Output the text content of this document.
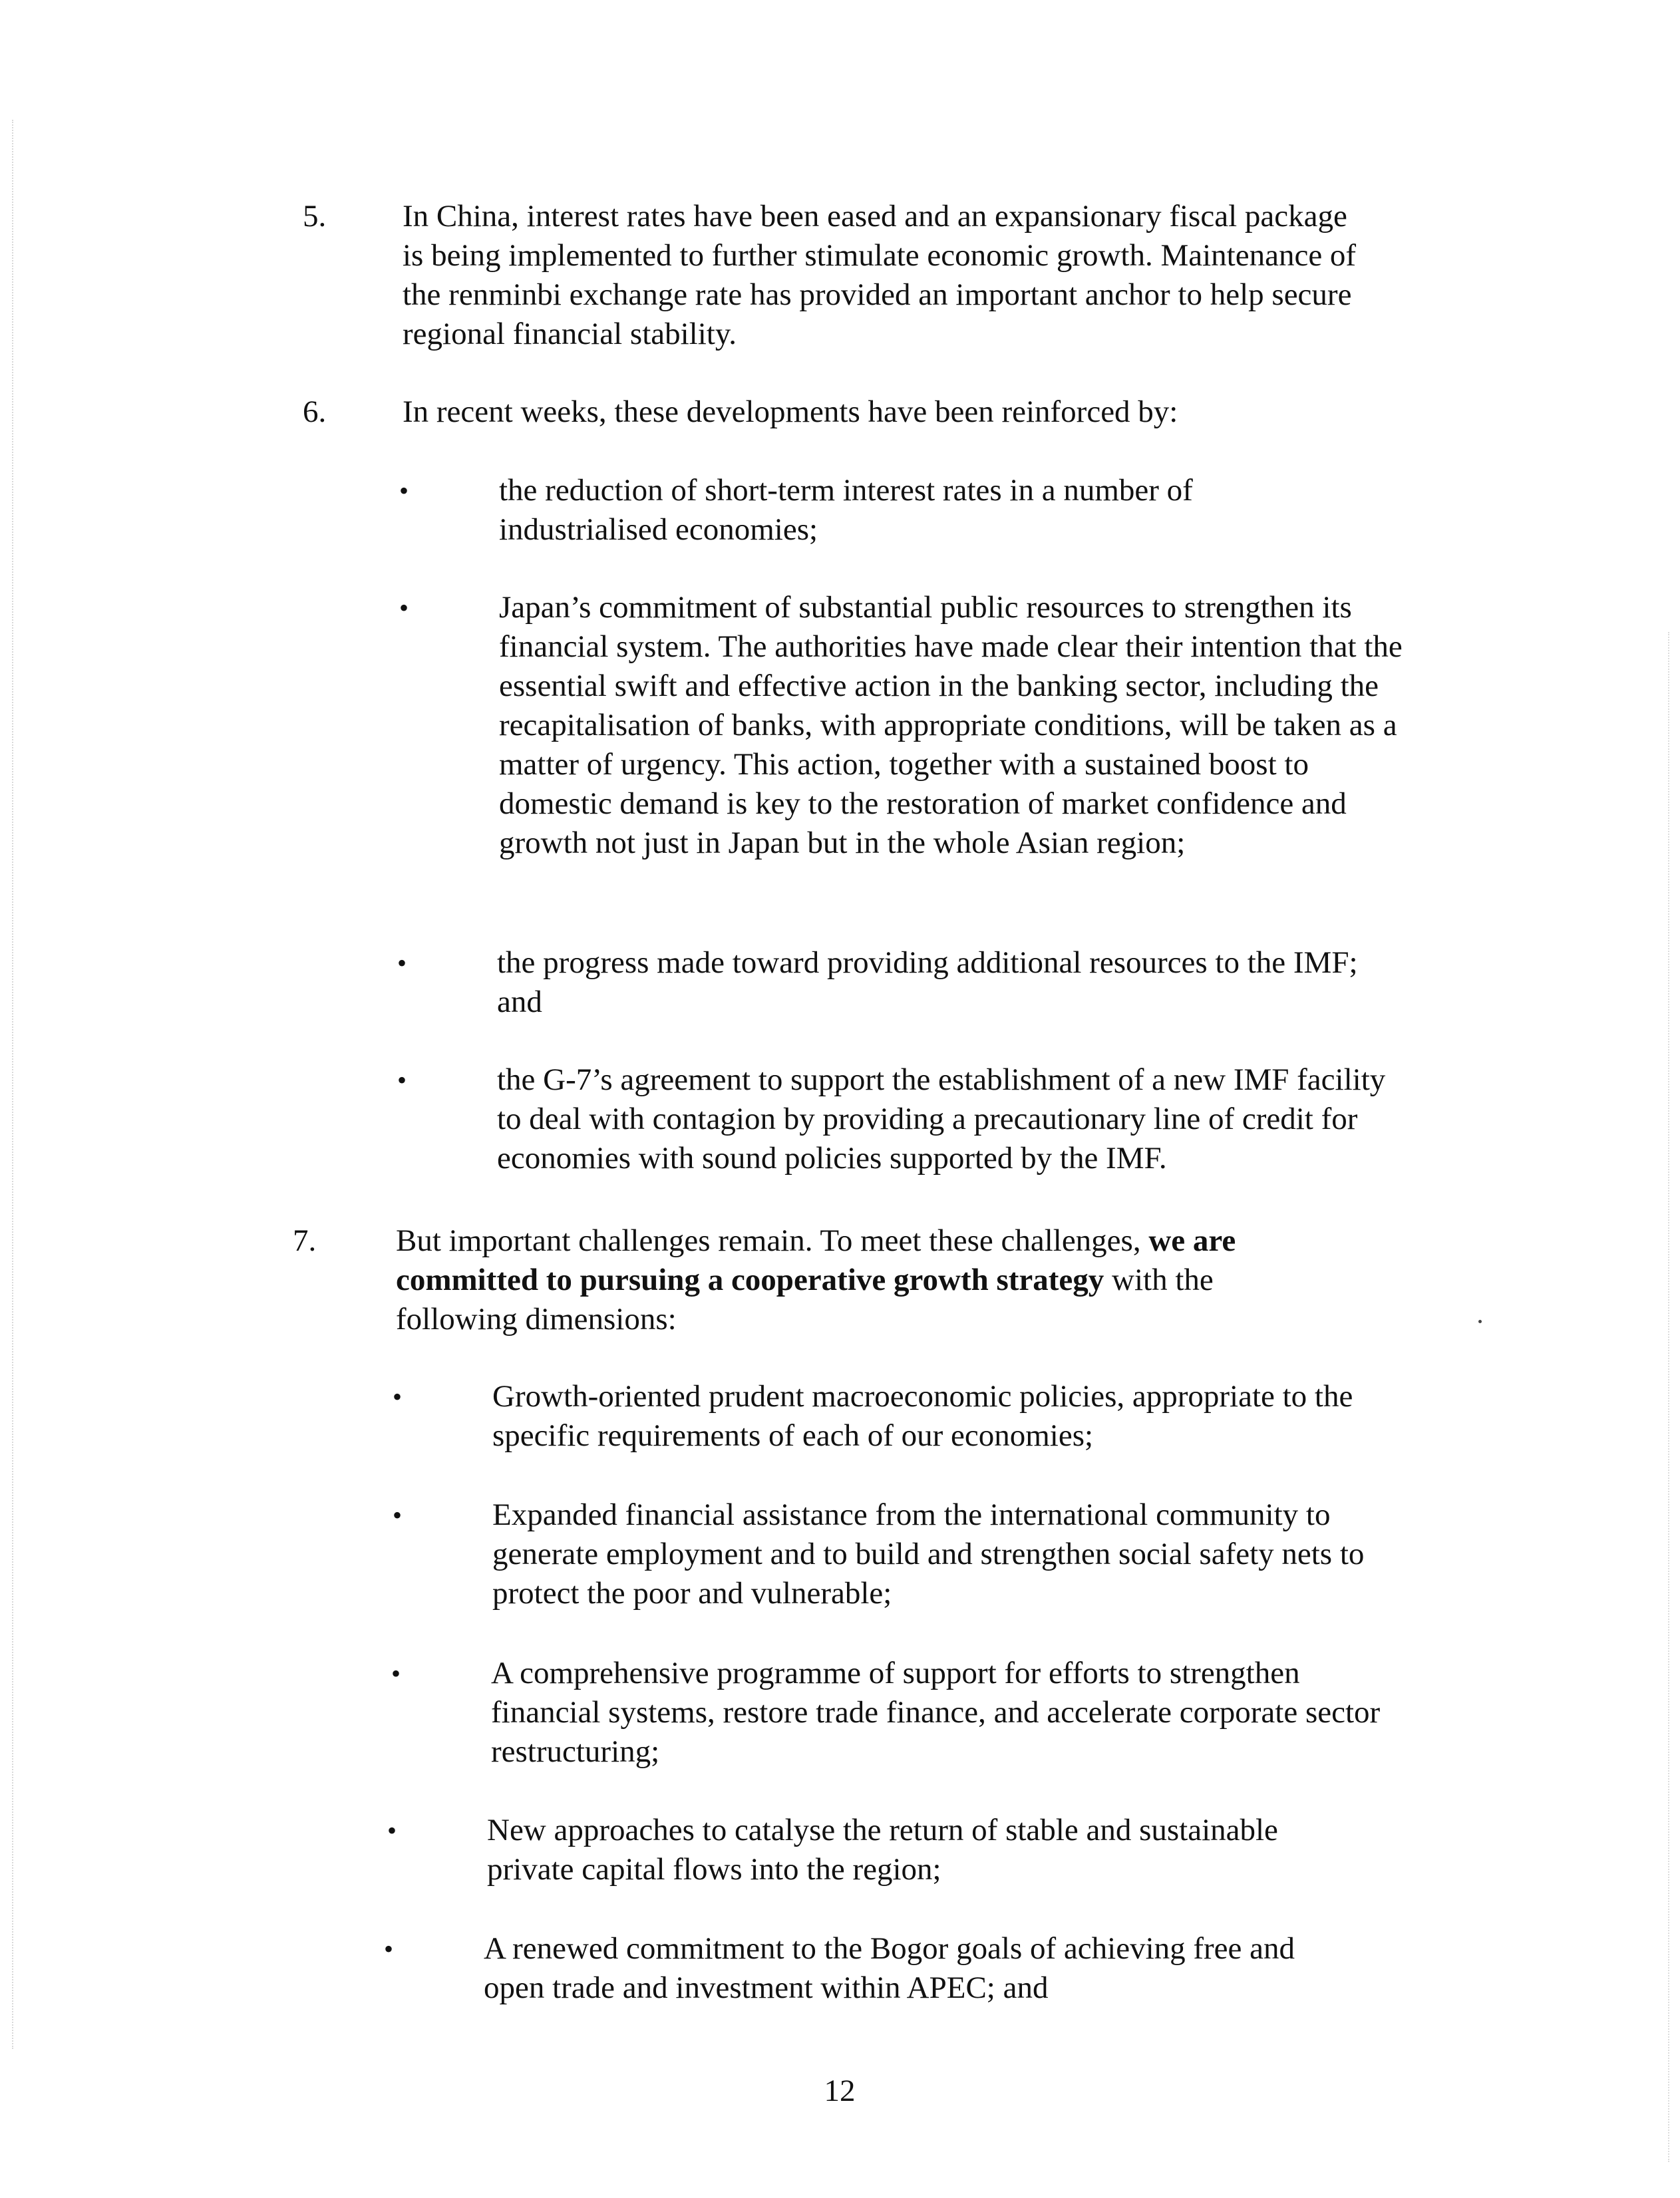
5. In China, interest rates have been eased and an expansionary fiscal package is being implemented to further stimulate economic growth. Maintenance of the renminbi exchange rate has provided an important anchor to help secure regional financial stability.
6. In recent weeks, these developments have been reinforced by:
•	the reduction of short-term interest rates in a number of industrialised economies;
•	Japan’s commitment of substantial public resources to strengthen its financial system. The authorities have made clear their intention that the essential swift and effective action in the banking sector, including the recapitalisation of banks, with appropriate conditions, will be taken as a matter of urgency. This action, together with a sustained boost to domestic demand is key to the restoration of market confidence and growth not just in Japan but in the whole Asian region;
•	the progress made toward providing additional resources to the IMF; and
•	the G-7’s agreement to support the establishment of a new IMF facility to deal with contagion by providing a precautionary line of credit for economies with sound policies supported by the IMF.
7.	But important challenges remain. To meet these challenges, we are committed to pursuing a cooperative growth strategy with the following dimensions:
•	Growth-oriented prudent macroeconomic policies, appropriate to the specific requirements of each of our economies;
•	Expanded financial assistance from the international community to generate employment and to build and strengthen social safety nets to protect the poor and vulnerable;
•	A comprehensive programme of support for efforts to strengthen financial systems, restore trade finance, and accelerate corporate sector restructuring;
•	New approaches to catalyse the return of stable and sustainable private capital flows into the region;
•	A renewed commitment to the Bogor goals of achieving free and open trade and investment within APEC; and
12
